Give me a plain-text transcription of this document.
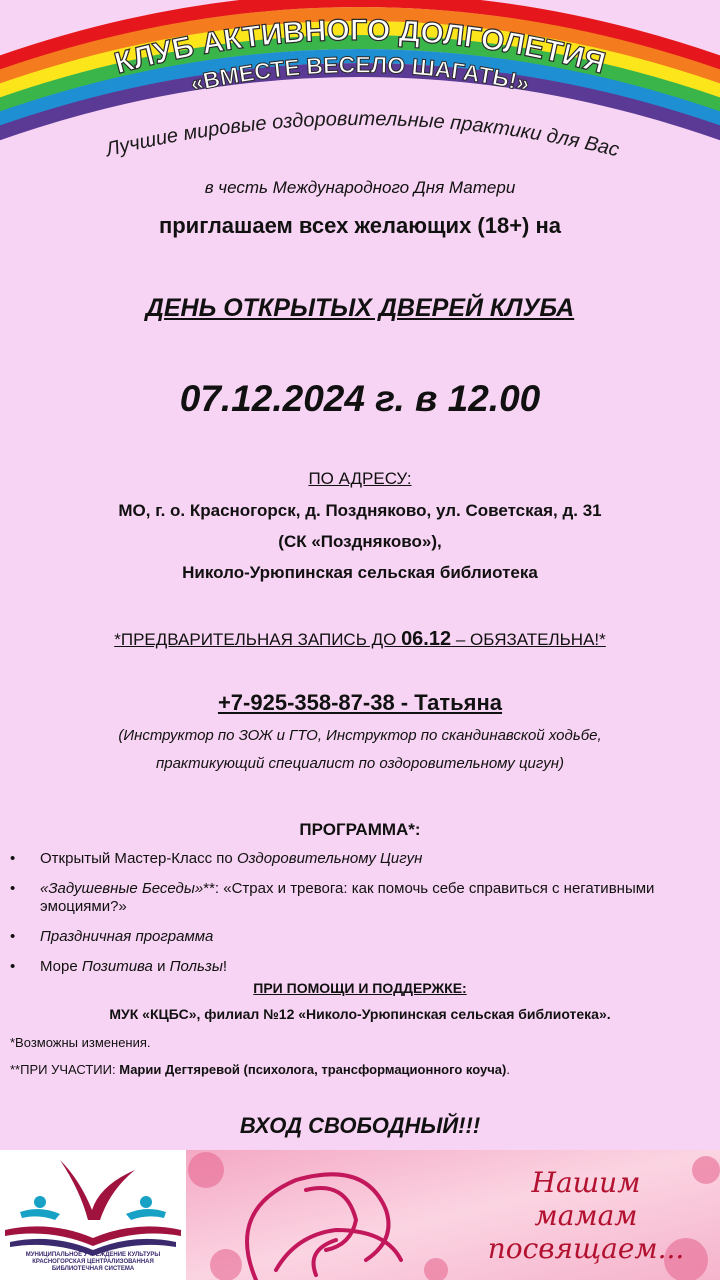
КЛУБ АКТИВНОГО ДОЛГОЛЕТИЯ
«ВМЕСТЕ ВЕСЕЛО ШАГАТЬ!»
Лучшие мировые оздоровительные практики для Вас
в честь Международного Дня Матери
приглашаем всех желающих (18+) на
ДЕНЬ ОТКРЫТЫХ ДВЕРЕЙ КЛУБА
07.12.2024 г. в 12.00
ПО АДРЕСУ:
МО, г. о. Красногорск, д. Поздняково, ул. Советская, д. 31
(СК «Поздняково»),
Николо-Урюпинская сельская библиотека
*ПРЕДВАРИТЕЛЬНАЯ ЗАПИСЬ ДО 06.12 – ОБЯЗАТЕЛЬНА!*
+7-925-358-87-38 - Татьяна
(Инструктор по ЗОЖ и ГТО, Инструктор по скандинавской ходьбе,
практикующий специалист по оздоровительному цигун)
ПРОГРАММА*:
• Открытый Мастер-Класс по Оздоровительному Цигун
• «Задушевные Беседы»**: «Страх и тревога: как помочь себе справиться с негативными эмоциями?»
• Праздничная программа
• Море Позитива и Пользы!
ПРИ ПОМОЩИ И ПОДДЕРЖКЕ:
МУК «КЦБС», филиал №12 «Николо-Урюпинская сельская библиотека».
*Возможны изменения.
**ПРИ УЧАСТИИ: Марии Дегтяревой (психолога, трансформационного коуча).
ВХОД СВОБОДНЫЙ!!!
МУНИЦИПАЛЬНОЕ УЧРЕЖДЕНИЕ КУЛЬТУРЫ
КРАСНОГОРСКАЯ ЦЕНТРАЛИЗОВАННАЯ
БИБЛИОТЕЧНАЯ СИСТЕМА
Нашим
мамам
посвящаем...
